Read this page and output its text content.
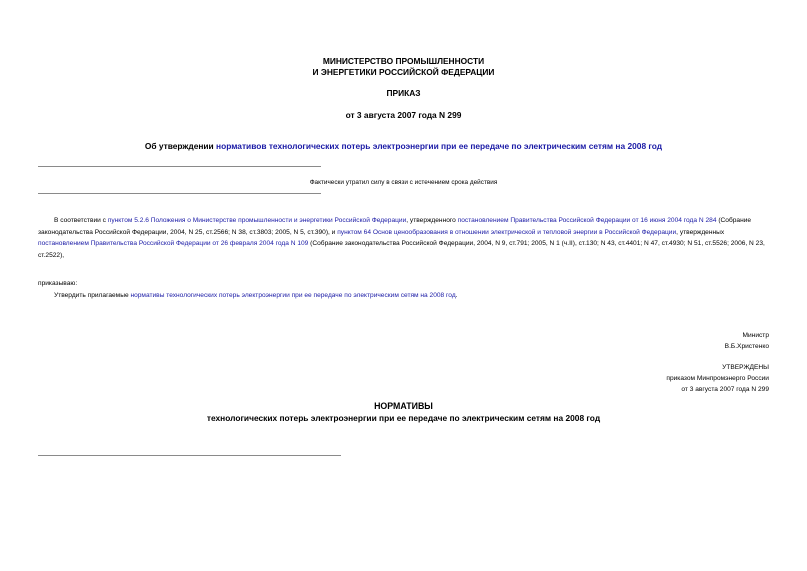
МИНИСТЕРСТВО ПРОМЫШЛЕННОСТИ
И ЭНЕРГЕТИКИ РОССИЙСКОЙ ФЕДЕРАЦИИ
ПРИКАЗ
от 3 августа 2007 года N 299
Об утверждении нормативов технологических потерь электроэнергии при ее передаче по электрическим сетям на 2008 год
Фактически утратил силу в связи с истечением срока действия
В соответствии с пунктом 5.2.6 Положения о Министерстве промышленности и энергетики Российской Федерации, утвержденного постановлением Правительства Российской Федерации от 16 июня 2004 года N 284 (Собрание законодательства Российской Федерации, 2004, N 25, ст.2566; N 38, ст.3803; 2005, N 5, ст.390), и пунктом 64 Основ ценообразования в отношении электрической и тепловой энергии в Российской Федерации, утвержденных постановлением Правительства Российской Федерации от 26 февраля 2004 года N 109 (Собрание законодательства Российской Федерации, 2004, N 9, ст.791; 2005, N 1 (ч.II), ст.130; N 43, ст.4401; N 47, ст.4930; N 51, ст.5526; 2006, N 23, ст.2522),
приказываю:
Утвердить прилагаемые нормативы технологических потерь электроэнергии при ее передаче по электрическим сетям на 2008 год.
Министр
В.Б.Христенко
УТВЕРЖДЕНЫ
приказом Минпромэнерго России
от 3 августа 2007 года N 299
НОРМАТИВЫ
технологических потерь электроэнергии при ее передаче по электрическим сетям на 2008 год
